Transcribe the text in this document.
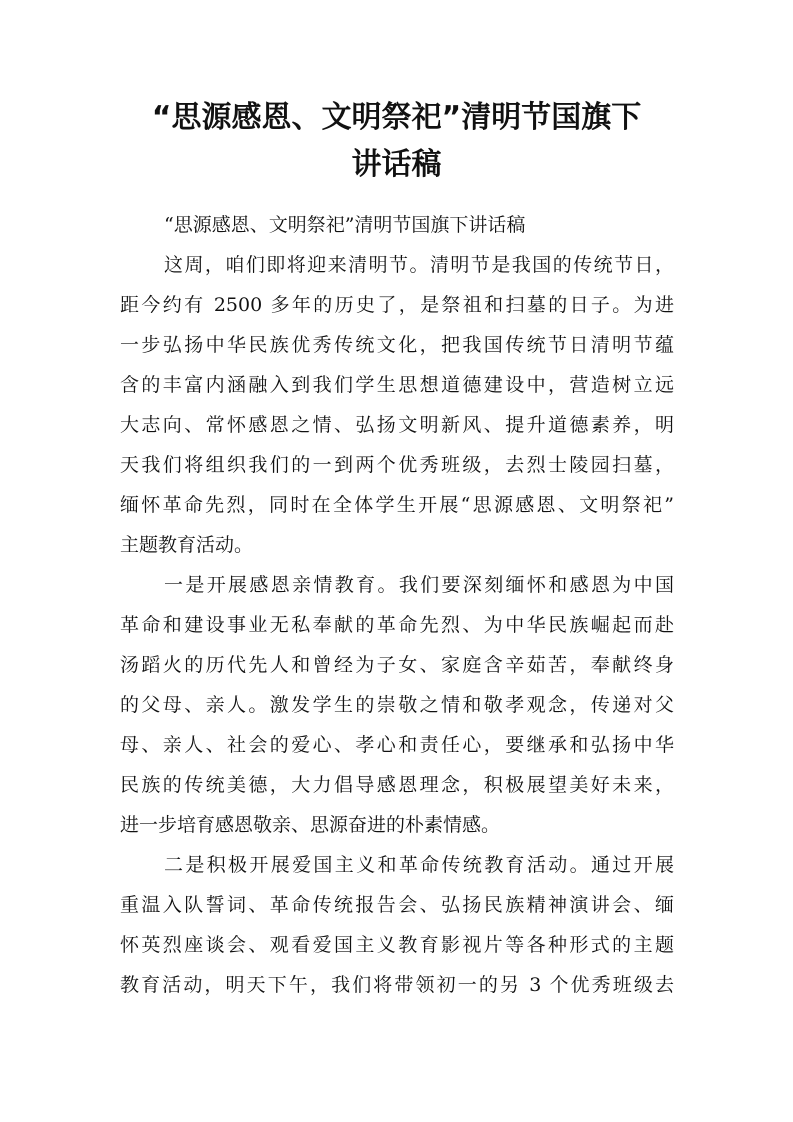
“思源感恩、文明祭祀”清明节国旗下
讲话稿
“思源感恩、文明祭祀”清明节国旗下讲话稿
这周，咱们即将迎来清明节。清明节是我国的传统节日，
距今约有 2500 多年的历史了，是祭祖和扫墓的日子。为进
一步弘扬中华民族优秀传统文化，把我国传统节日清明节蕴
含的丰富内涵融入到我们学生思想道德建设中，营造树立远
大志向、常怀感恩之情、弘扬文明新风、提升道德素养，明
天我们将组织我们的一到两个优秀班级，去烈士陵园扫墓，
缅怀革命先烈，同时在全体学生开展“思源感恩、文明祭祀”
主题教育活动。
一是开展感恩亲情教育。我们要深刻缅怀和感恩为中国
革命和建设事业无私奉献的革命先烈、为中华民族崛起而赴
汤蹈火的历代先人和曾经为子女、家庭含辛茹苦，奉献终身
的父母、亲人。激发学生的崇敬之情和敬孝观念，传递对父
母、亲人、社会的爱心、孝心和责任心，要继承和弘扬中华
民族的传统美德，大力倡导感恩理念，积极展望美好未来，
进一步培育感恩敬亲、思源奋进的朴素情感。
二是积极开展爱国主义和革命传统教育活动。通过开展
重温入队誓词、革命传统报告会、弘扬民族精神演讲会、缅
怀英烈座谈会、观看爱国主义教育影视片等各种形式的主题
教育活动，明天下午，我们将带领初一的另 3 个优秀班级去
